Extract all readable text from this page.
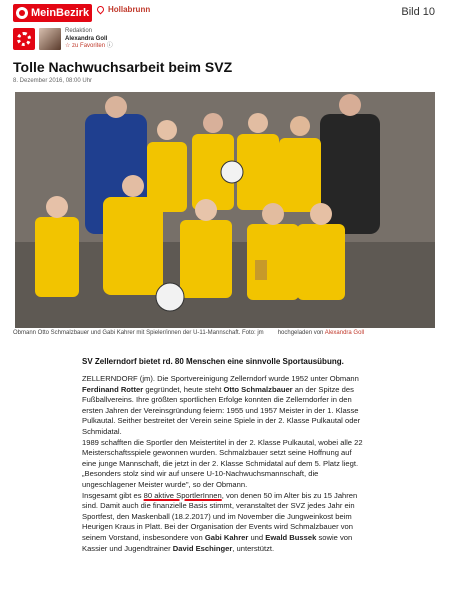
MeinBezirk Hollabrunn	Bild 10
Redaktion
Alexandra Goll
☆ zu Favoriten ⓘ
Tolle Nachwuchsarbeit beim SVZ
8. Dezember 2016, 08:00 Uhr
Obmann Otto Schmalzbauer und Gabi Kahrer mit Spieler/innen der U-11-Mannschaft. Foto: jm hochgeladen von Alexandra Goll
SV Zellerndorf bietet rd. 80 Menschen eine sinnvolle Sportausübung.

ZELLERNDORF (jm). Die Sportvereinigung Zellerndorf wurde 1952 unter Obmann Ferdinand Rotter gegründet, heute steht Otto Schmalzbauer an der Spitze des Fußballvereins. Ihre größten sportlichen Erfolge konnten die Zellerndorfer in den ersten Jahren der Vereinsgründung feiern: 1955 und 1957 Meister in der 1. Klasse Pulkautal. Seither bestreitet der Verein seine Spiele in der 2. Klasse Pulkautal oder Schmidatal.

1989 schafften die Sportler den Meistertitel in der 2. Klasse Pulkautal, wobei alle 22 Meisterschaftsspiele gewonnen wurden. Schmalzbauer setzt seine Hoffnung auf eine junge Mannschaft, die jetzt in der 2. Klasse Schmidatal auf dem 5. Platz liegt. „Besonders stolz sind wir auf unsere U-10-Nachwuchsmannschaft, die ungeschlagener Meister wurde", so der Obmann.

Insgesamt gibt es 80 aktive SportlerInnen, von denen 50 im Alter bis zu 15 Jahren sind. Damit auch die finanzielle Basis stimmt, veranstaltet der SVZ jedes Jahr ein Sportfest, den Maskenball (18.2.2017) und im November die Jungweinkost beim Heurigen Kraus in Platt. Bei der Organisation der Events wird Schmalzbauer von seinem Vorstand, insbesondere von Gabi Kahrer und Ewald Bussek sowie von Kassier und Jugendtrainer David Eschinger, unterstützt.
